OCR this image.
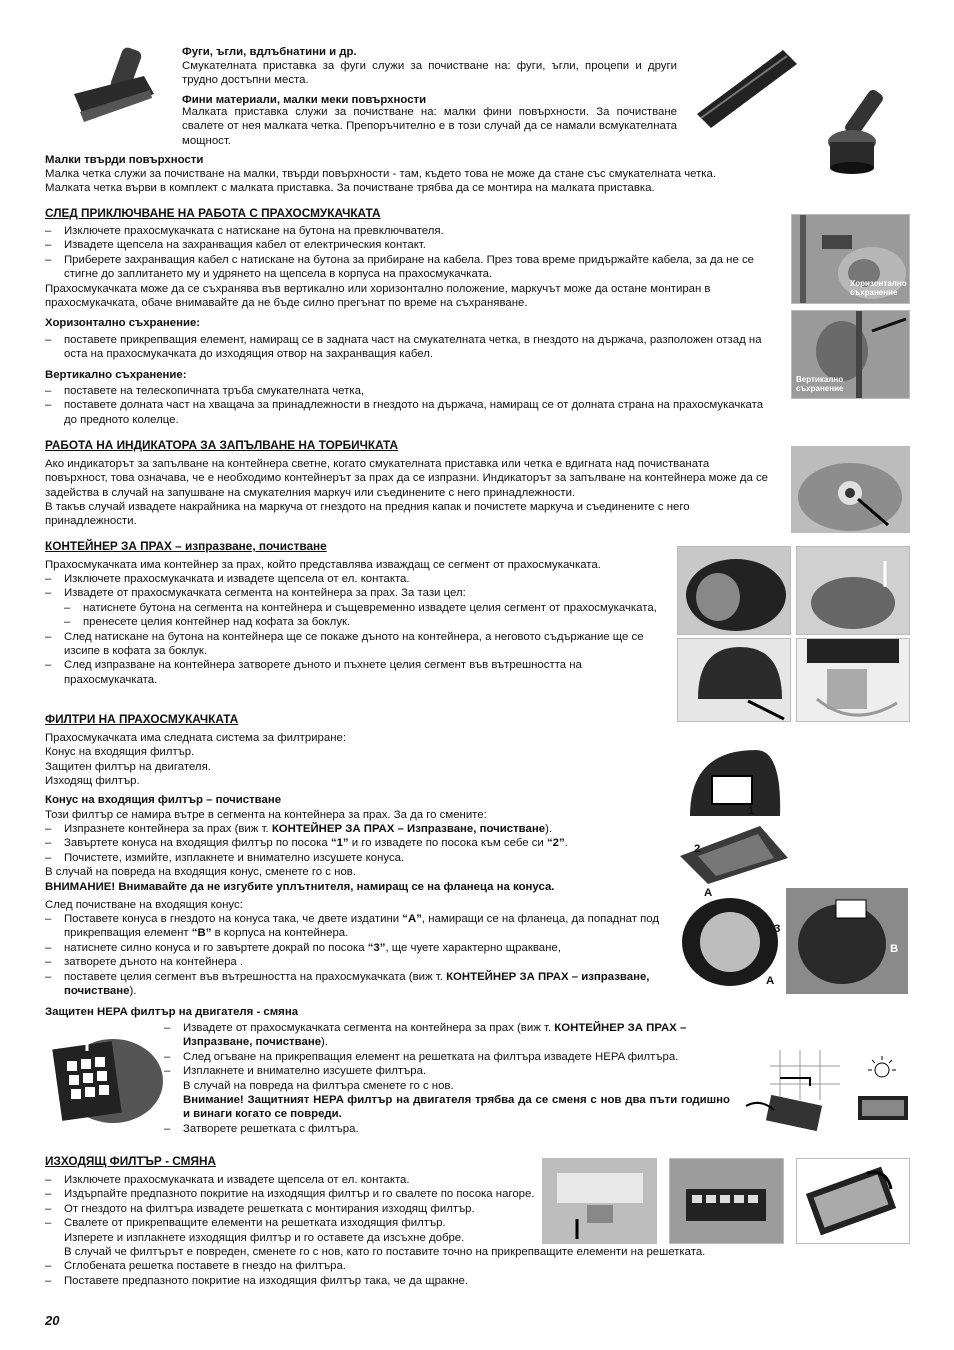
Фуги, ъгли, вдлъбнатини и др.
Смукателната приставка за фуги служи за почистване на: фуги, ъгли, процепи и други трудно достъпни места.
Фини материали, малки меки повърхности
Малката приставка служи за почистване на: малки фини повърхности. За почистване свалете от нея малката четка. Препоръчително е в този случай да се намали всмукателната мощност.
Малки твърди повърхности
Малка четка служи за почистване на малки, твърди повърхности - там, където това не може да стане със смукателната четка.
Малката четка върви в комплект с малката приставка. За почистване трябва да се монтира на малката приставка.
СЛЕД ПРИКЛЮЧВАНЕ НА РАБОТА С ПРАХОСМУКАЧКАТА
– Изключете прахосмукачката с натискане на бутона на превключвателя.
– Извадете щепсела на захранващия кабел от електрическия контакт.
– Приберете захранващия кабел с натискане на бутона за прибиране на кабела. През това време придържайте кабела, за да не се стигне до заплитането му и удрянето на щепсела в корпуса на прахосмукачката.
Прахосмукачката може да се съхранява във вертикално или хоризонтално положение, маркучът може да остане монтиран в прахосмукачката, обаче внимавайте да не бъде силно прегънат по време на съхраняване.
Хоризонтално съхранение:
– поставете прикрепващия елемент, намиращ се в задната част на смукателната четка, в гнездото на държача, разположен отзад на оста на прахосмукачката до изходящия отвор на захранващия кабел.
Вертикално съхранение:
– поставете на телескопичната тръба смукателната четка,
– поставете долната част на хващача за принадлежности в гнездото на държача, намиращ се от долната страна на прахосмукачката до предното колелце.
Хоризонтално съхранение
Вертикално съхранение
РАБОТА НА ИНДИКАТОРА ЗА ЗАПЪЛВАНЕ НА ТОРБИЧКАТА
Ако индикаторът за запълване на контейнера светне, когато смукателната приставка или четка е вдигната над почистваната повърхност, това означава, че е необходимо контейнерът за прах да се изпразни. Индикаторът за запълване на контейнера може да се задейства в случай на запушване на смукателния маркуч или съединените с него принадлежности.
В такъв случай извадете накрайника на маркуча от гнездото на предния капак и почистете маркуча и съединените с него принадлежности.
КОНТЕЙНЕР ЗА ПРАХ – изпразване, почистване
Прахосмукачката има контейнер за прах, който представлява изваждащ се сегмент от прахосмукачката.
– Изключете прахосмукачката и извадете щепсела от ел. контакта.
– Извадете от прахосмукачката сегмента на контейнера за прах. За тази цел:
– натиснете бутона на сегмента на контейнера и същевременно извадете целия сегмент от прахосмукачката,
– пренесете целия контейнер над кофата за боклук.
– След натискане на бутона на контейнера ще се покаже дъното на контейнера, а неговото съдържание ще се изсипе в кофата за боклук.
– След изпразване на контейнера затворете дъното и пъхнете целия сегмент във вътрешността на прахосмукачката.
ФИЛТРИ НА ПРАХОСМУКАЧКАТА
Прахосмукачката има следната система за филтриране:
Конус на входящия филтър.
Защитен филтър на двигателя.
Изходящ филтър.
Конус на входящия филтър – почистване
Този филтър се намира вътре в сегмента на контейнера за прах. За да го смените:
– Изпразнете контейнера за прах (виж т. КОНТЕЙНЕР ЗА ПРАХ – Изпразване, почистване).
– Завъртете конуса на входящия филтър по посока “1” и го извадете по посока към себе си “2”.
– Почистете, измийте, изплакнете и внимателно изсушете конуса.
В случай на повреда на входящия конус, сменете го с нов.
ВНИМАНИЕ! Внимавайте да не изгубите уплътнителя, намиращ се на фланеца на конуса.
След почистване на входящия конус:
– Поставете конуса в гнездото на конуса така, че двете издатини “A”, намиращи се на фланеца, да попаднат под прикрепващия елемент “B” в корпуса на контейнера.
– натиснете силно конуса и го завъртете докрай по посока “3”, ще чуете характерно щракване,
– затворете дъното на контейнера .
– поставете целия сегмент във вътрешността на прахосмукачката (виж т. КОНТЕЙНЕР ЗА ПРАХ – изпразване, почистване).
1
2
A
3
B
A
Защитен HEPA филтър на двигателя - смяна
– Извадете от прахосмукачката сегмента на контейнера за прах (виж т. КОНТЕЙНЕР ЗА ПРАХ – Изпразване, почистване).
– След огъване на прикрепващия елемент на решетката на филтъра извадете HEPA филтъра.
– Изплакнете и внимателно изсушете филтъра.
В случай на повреда на филтъра сменете го с нов.
Внимание! Защитният HEPA филтър на двигателя трябва да се сменя с нов два пъти годишно и винаги когато се повреди.
– Затворете решетката с филтъра.
ИЗХОДЯЩ ФИЛТЪР - СМЯНА
– Изключете прахосмукачката и извадете щепсела от ел. контакта.
– Издърпайте предпазното покритие на изходящия филтър и го свалете по посока нагоре.
– От гнездото на филтъра извадете решетката с монтирания изходящ филтър.
– Свалете от прикрепващите елементи на решетката изходящия филтър.
Изперете и изплакнете изходящия филтър и го оставете да изсъхне добре.
В случай че филтърът е повреден, сменете го с нов, като го поставите точно на прикрепващите елементи на решетката.
– Сглобената решетка поставете в гнездо на филтъра.
– Поставете предпазното покритие на изходящия филтър така, че да щракне.
20
